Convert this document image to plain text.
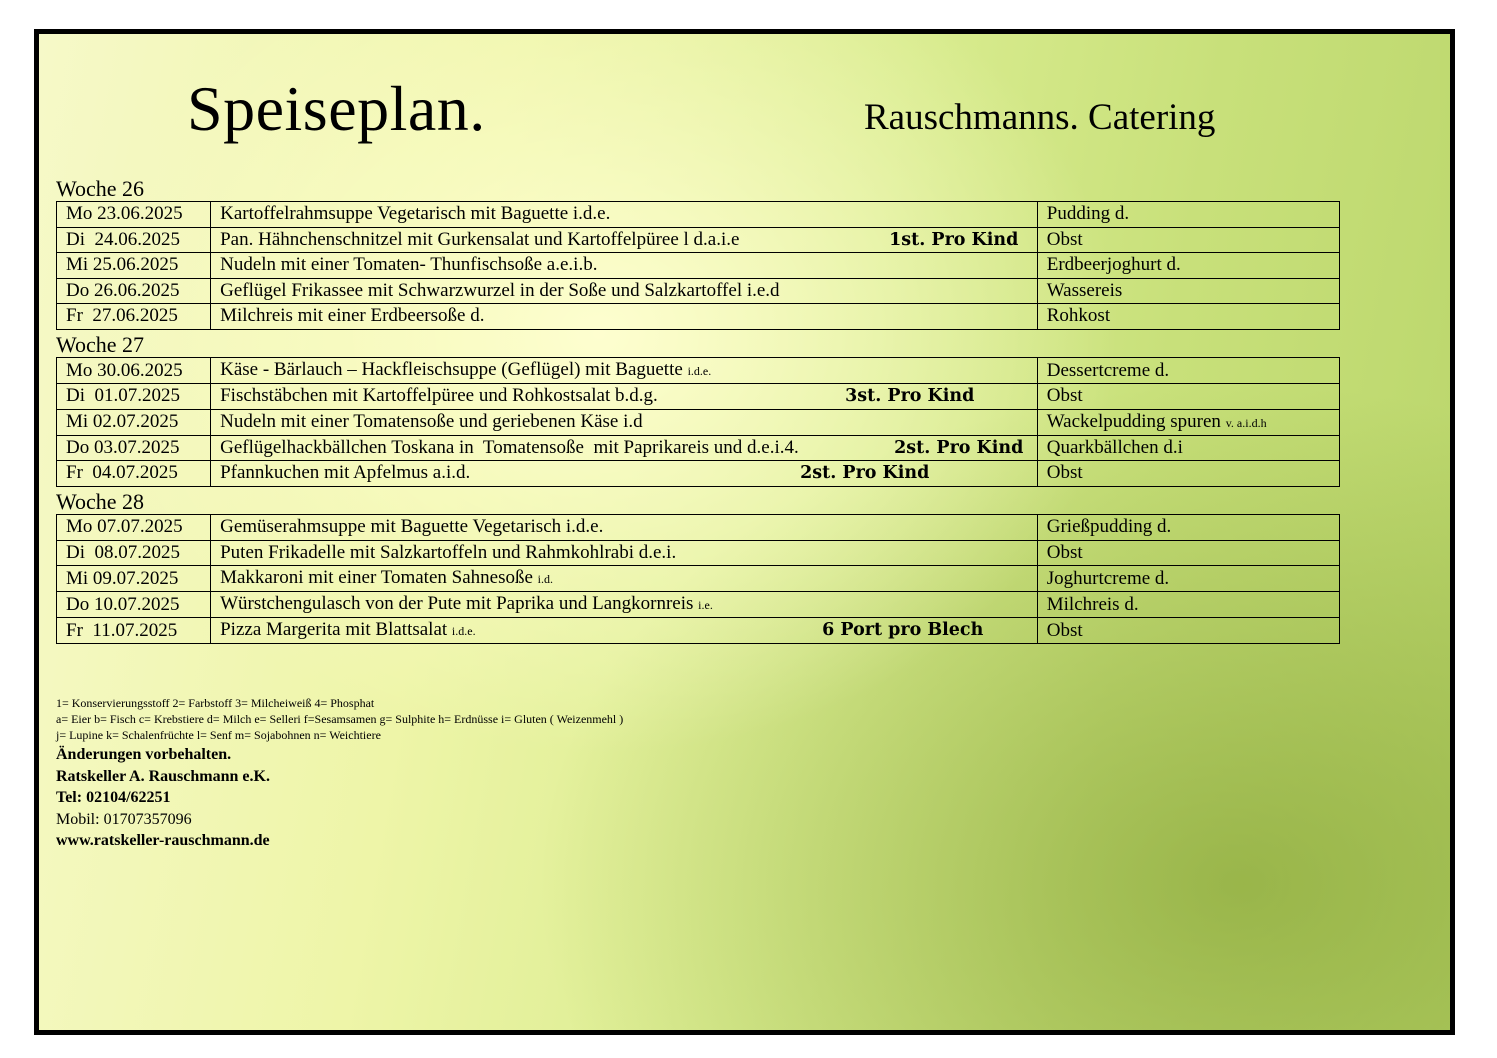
Speiseplan.	Rauschmanns. Catering
Woche 26
Mo 23.06.2025	Kartoffelrahmsuppe Vegetarisch mit Baguette i.d.e.	Pudding d.
Di  24.06.2025	Pan. Hähnchenschnitzel mit Gurkensalat und Kartoffelpüree l d.a.i.e 1st. Pro Kind	Obst
Mi 25.06.2025	Nudeln mit einer Tomaten- Thunfischsoße a.e.i.b.	Erdbeerjoghurt d.
Do 26.06.2025	Geflügel Frikassee mit Schwarzwurzel in der Soße und Salzkartoffel i.e.d	Wassereis
Fr  27.06.2025	Milchreis mit einer Erdbeersoße d.	Rohkost
Woche 27
Mo 30.06.2025	Käse - Bärlauch – Hackfleischsuppe (Geflügel) mit Baguette i.d.e.	Dessertcreme d.
Di  01.07.2025	Fischstäbchen mit Kartoffelpüree und Rohkostsalat b.d.g. 3st. Pro Kind	Obst
Mi 02.07.2025	Nudeln mit einer Tomatensoße und geriebenen Käse i.d	Wackelpudding spuren v. a.i.d.h
Do 03.07.2025	Geflügelhackbällchen Toskana in  Tomatensoße  mit Paprikareis und d.e.i.4. 2st. Pro Kind	Quarkbällchen d.i
Fr  04.07.2025	Pfannkuchen mit Apfelmus a.i.d. 2st. Pro Kind	Obst
Woche 28
Mo 07.07.2025	Gemüserahmsuppe mit Baguette Vegetarisch i.d.e.	Grießpudding d.
Di  08.07.2025	Puten Frikadelle mit Salzkartoffeln und Rahmkohlrabi d.e.i.	Obst
Mi 09.07.2025	Makkaroni mit einer Tomaten Sahnesoße i.d.	Joghurtcreme d.
Do 10.07.2025	Würstchengulasch von der Pute mit Paprika und Langkornreis i.e.	Milchreis d.
Fr  11.07.2025	Pizza Margerita mit Blattsalat i.d.e. 6 Port pro Blech	Obst
1= Konservierungsstoff 2= Farbstoff 3= Milcheiweiß 4= Phosphat
a= Eier b= Fisch c= Krebstiere d= Milch e= Selleri f=Sesamsamen g= Sulphite h= Erdnüsse i= Gluten ( Weizenmehl )
j= Lupine k= Schalenfrüchte l= Senf m= Sojabohnen n= Weichtiere
Änderungen vorbehalten.
Ratskeller A. Rauschmann e.K.
Tel: 02104/62251
Mobil: 01707357096
www.ratskeller-rauschmann.de
